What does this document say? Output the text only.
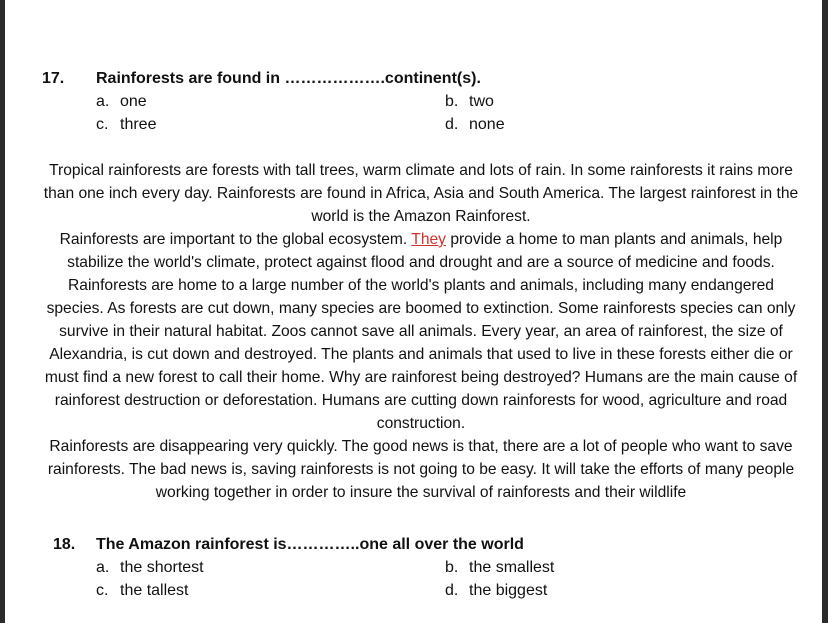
17. Rainforests are found in ……………….continent(s).
a. one	b. two
c. three	d. none

Tropical rainforests are forests with tall trees, warm climate and lots of rain. In some rainforests it rains more than one inch every day. Rainforests are found in Africa, Asia and South America. The largest rainforest in the world is the Amazon Rainforest.

Rainforests are important to the global ecosystem. They provide a home to man plants and animals, help stabilize the world's climate, protect against flood and drought and are a source of medicine and foods.

Rainforests are home to a large number of the world's plants and animals, including many endangered species. As forests are cut down, many species are boomed to extinction. Some rainforests species can only survive in their natural habitat. Zoos cannot save all animals. Every year, an area of rainforest, the size of Alexandria, is cut down and destroyed. The plants and animals that used to live in these forests either die or must find a new forest to call their home. Why are rainforest being destroyed? Humans are the main cause of rainforest destruction or deforestation. Humans are cutting down rainforests for wood, agriculture and road construction.

Rainforests are disappearing very quickly. The good news is that, there are a lot of people who want to save rainforests. The bad news is, saving rainforests is not going to be easy. It will take the efforts of many people working together in order to insure the survival of rainforests and their wildlife

18. The Amazon rainforest is…………..one all over the world
a. the shortest	b. the smallest
c. the tallest	d. the biggest
